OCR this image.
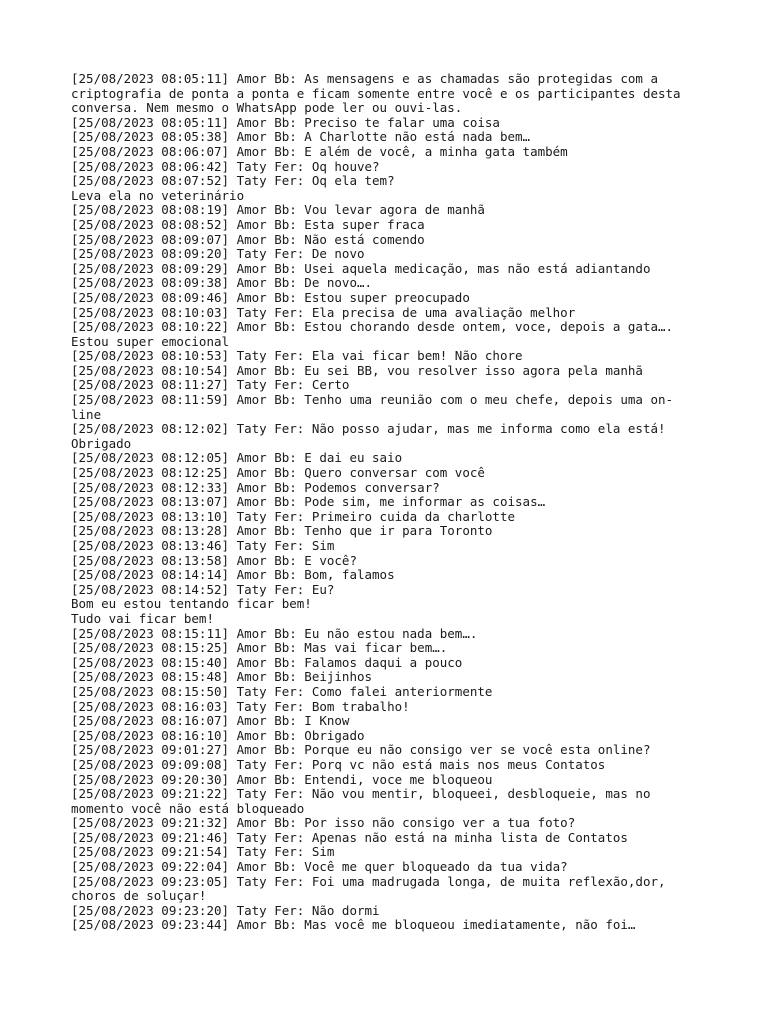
[25/08/2023 08:05:11] Amor Bb: As mensagens e as chamadas são protegidas com a
criptografia de ponta a ponta e ficam somente entre você e os participantes desta
conversa. Nem mesmo o WhatsApp pode ler ou ouvi-las.
[25/08/2023 08:05:11] Amor Bb: Preciso te falar uma coisa
[25/08/2023 08:05:38] Amor Bb: A Charlotte não está nada bem…
[25/08/2023 08:06:07] Amor Bb: E além de você, a minha gata também
[25/08/2023 08:06:42] Taty Fer: Oq houve?
[25/08/2023 08:07:52] Taty Fer: Oq ela tem?
Leva ela no veterinário
[25/08/2023 08:08:19] Amor Bb: Vou levar agora de manhã
[25/08/2023 08:08:52] Amor Bb: Esta super fraca
[25/08/2023 08:09:07] Amor Bb: Não está comendo
[25/08/2023 08:09:20] Taty Fer: De novo
[25/08/2023 08:09:29] Amor Bb: Usei aquela medicação, mas não está adiantando
[25/08/2023 08:09:38] Amor Bb: De novo….
[25/08/2023 08:09:46] Amor Bb: Estou super preocupado
[25/08/2023 08:10:03] Taty Fer: Ela precisa de uma avaliação melhor
[25/08/2023 08:10:22] Amor Bb: Estou chorando desde ontem, voce, depois a gata….
Estou super emocional
[25/08/2023 08:10:53] Taty Fer: Ela vai ficar bem! Não chore
[25/08/2023 08:10:54] Amor Bb: Eu sei BB, vou resolver isso agora pela manhã
[25/08/2023 08:11:27] Taty Fer: Certo
[25/08/2023 08:11:59] Amor Bb: Tenho uma reunião com o meu chefe, depois uma on-
line
[25/08/2023 08:12:02] Taty Fer: Não posso ajudar, mas me informa como ela está!
Obrigado
[25/08/2023 08:12:05] Amor Bb: E dai eu saio
[25/08/2023 08:12:25] Amor Bb: Quero conversar com você
[25/08/2023 08:12:33] Amor Bb: Podemos conversar?
[25/08/2023 08:13:07] Amor Bb: Pode sim, me informar as coisas…
[25/08/2023 08:13:10] Taty Fer: Primeiro cuida da charlotte
[25/08/2023 08:13:28] Amor Bb: Tenho que ir para Toronto
[25/08/2023 08:13:46] Taty Fer: Sim
[25/08/2023 08:13:58] Amor Bb: E você?
[25/08/2023 08:14:14] Amor Bb: Bom, falamos
[25/08/2023 08:14:52] Taty Fer: Eu?
Bom eu estou tentando ficar bem!
Tudo vai ficar bem!
[25/08/2023 08:15:11] Amor Bb: Eu não estou nada bem….
[25/08/2023 08:15:25] Amor Bb: Mas vai ficar bem….
[25/08/2023 08:15:40] Amor Bb: Falamos daqui a pouco
[25/08/2023 08:15:48] Amor Bb: Beijinhos
[25/08/2023 08:15:50] Taty Fer: Como falei anteriormente
[25/08/2023 08:16:03] Taty Fer: Bom trabalho!
[25/08/2023 08:16:07] Amor Bb: I Know
[25/08/2023 08:16:10] Amor Bb: Obrigado
[25/08/2023 09:01:27] Amor Bb: Porque eu não consigo ver se você esta online?
[25/08/2023 09:09:08] Taty Fer: Porq vc não está mais nos meus Contatos
[25/08/2023 09:20:30] Amor Bb: Entendi, voce me bloqueou
[25/08/2023 09:21:22] Taty Fer: Não vou mentir, bloqueei, desbloqueie, mas no
momento você não está bloqueado
[25/08/2023 09:21:32] Amor Bb: Por isso não consigo ver a tua foto?
[25/08/2023 09:21:46] Taty Fer: Apenas não está na minha lista de Contatos
[25/08/2023 09:21:54] Taty Fer: Sim
[25/08/2023 09:22:04] Amor Bb: Você me quer bloqueado da tua vida?
[25/08/2023 09:23:05] Taty Fer: Foi uma madrugada longa, de muita reflexão,dor,
choros de soluçar!
[25/08/2023 09:23:20] Taty Fer: Não dormi
[25/08/2023 09:23:44] Amor Bb: Mas você me bloqueou imediatamente, não foi…
